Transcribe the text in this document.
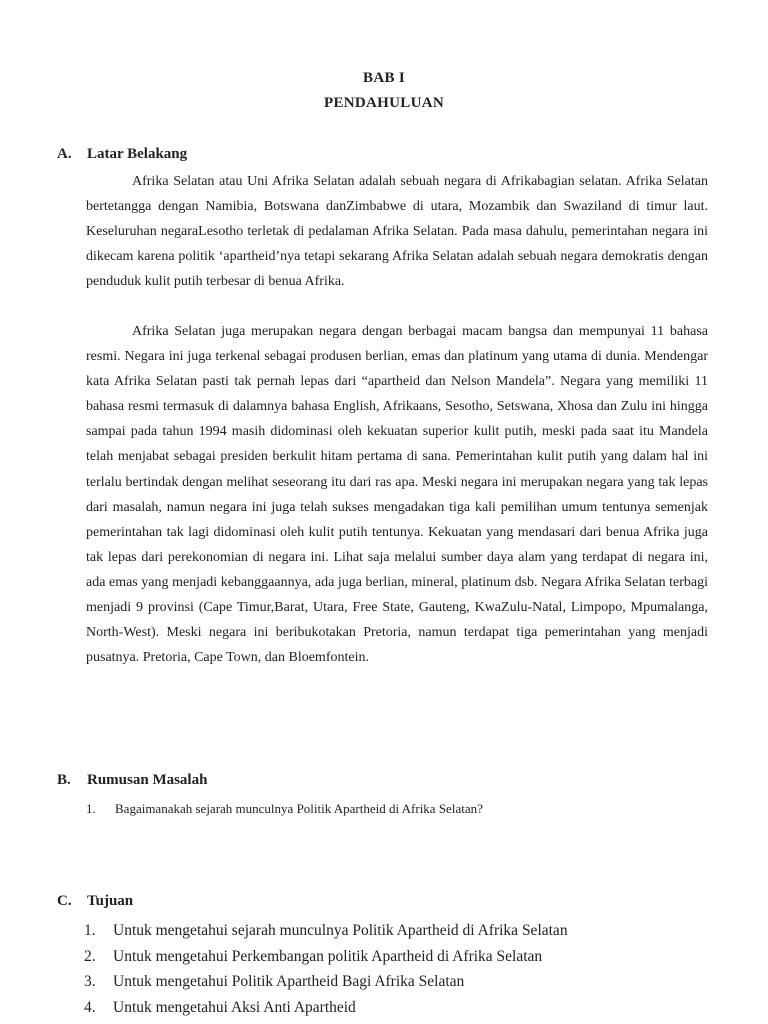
BAB I
PENDAHULUAN
A. Latar Belakang

Afrika Selatan atau Uni Afrika Selatan adalah sebuah negara di Afrikabagian selatan. Afrika Selatan bertetangga dengan Namibia, Botswana danZimbabwe di utara, Mozambik dan Swaziland di timur laut. Keseluruhan negaraLesotho terletak di pedalaman Afrika Selatan. Pada masa dahulu, pemerintahan negara ini dikecam karena politik ‘apartheid’nya tetapi sekarang Afrika Selatan adalah sebuah negara demokratis dengan penduduk kulit putih terbesar di benua Afrika.

Afrika Selatan juga merupakan negara dengan berbagai macam bangsa dan mempunyai 11 bahasa resmi. Negara ini juga terkenal sebagai produsen berlian, emas dan platinum yang utama di dunia. Mendengar kata Afrika Selatan pasti tak pernah lepas dari “apartheid dan Nelson Mandela”. Negara yang memiliki 11 bahasa resmi termasuk di dalamnya bahasa English, Afrikaans, Sesotho, Setswana, Xhosa dan Zulu ini hingga sampai pada tahun 1994 masih didominasi oleh kekuatan superior kulit putih, meski pada saat itu Mandela telah menjabat sebagai presiden berkulit hitam pertama di sana. Pemerintahan kulit putih yang dalam hal ini terlalu bertindak dengan melihat seseorang itu dari ras apa. Meski negara ini merupakan negara yang tak lepas dari masalah, namun negara ini juga telah sukses mengadakan tiga kali pemilihan umum tentunya semenjak pemerintahan tak lagi didominasi oleh kulit putih tentunya. Kekuatan yang mendasari dari benua Afrika juga tak lepas dari perekonomian di negara ini. Lihat saja melalui sumber daya alam yang terdapat di negara ini, ada emas yang menjadi kebanggaannya, ada juga berlian, mineral, platinum dsb. Negara Afrika Selatan terbagi menjadi 9 provinsi (Cape Timur,Barat, Utara, Free State, Gauteng, KwaZulu-Natal, Limpopo, Mpumalanga, North-West). Meski negara ini beribukotakan Pretoria, namun terdapat tiga pemerintahan yang menjadi pusatnya. Pretoria, Cape Town, dan Bloemfontein.

B. Rumusan Masalah
1. Bagaimanakah sejarah munculnya Politik Apartheid di Afrika Selatan?
C. Tujuan
1. Untuk mengetahui sejarah munculnya Politik Apartheid di Afrika Selatan
2. Untuk mengetahui Perkembangan politik Apartheid di Afrika Selatan
3. Untuk mengetahui Politik Apartheid Bagi Afrika Selatan
4. Untuk mengetahui Aksi Anti Apartheid
